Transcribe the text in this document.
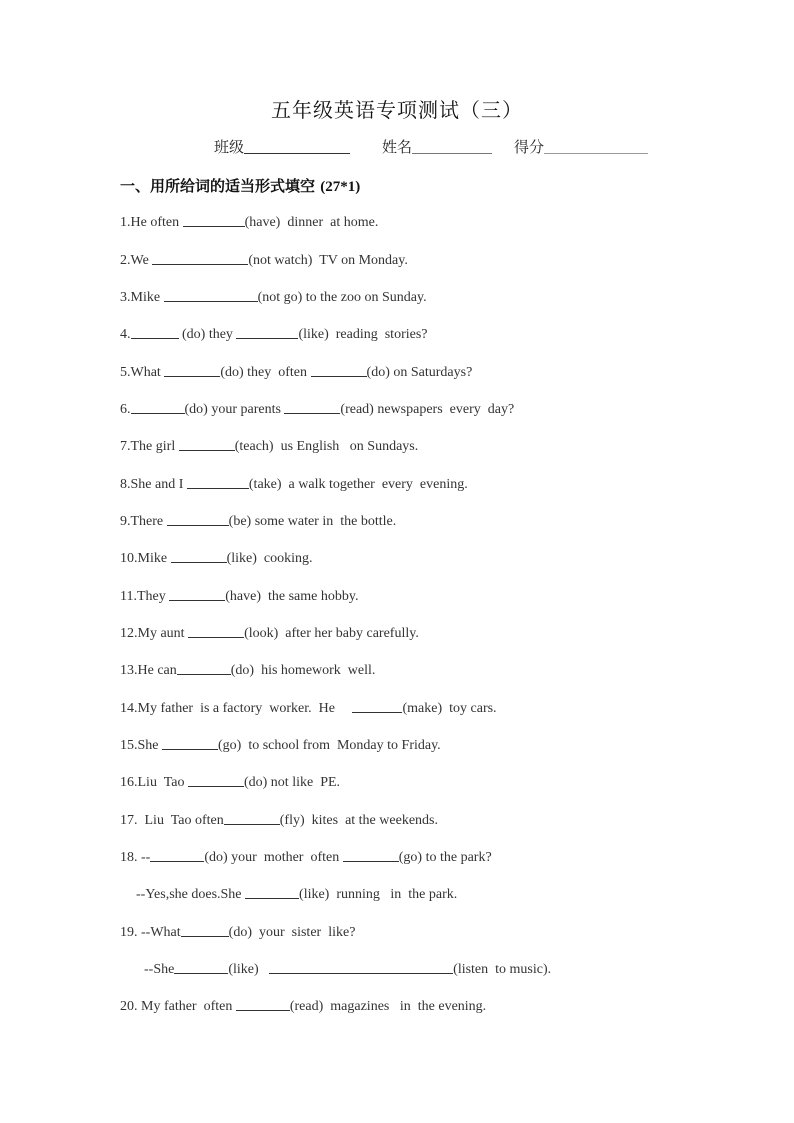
五年级英语专项测试（三）
班级	姓名	得分
一、用所给词的适当形式填空 (27*1)
1.He often	(have)  dinner  at home.
2.We	(not watch)  TV on Monday.
3.Mike	(not go) to the zoo on Sunday.
4.	(do) they	(like)  reading  stories?
5.What	(do) they  often	(do) on Saturdays?
6.	(do) your parents	(read) newspapers  every  day?
7.The girl	(teach)  us English   on Sundays.
8.She and I	(take)  a walk together  every  evening.
9.There	(be) some water in  the bottle.
10.Mike	(like)  cooking.
11.They	(have)  the same hobby.
12.My aunt	(look)  after her baby carefully.
13.He can	(do)  his homework  well.
14.My father  is a factory  worker.  He	(make)  toy cars.
15.She	(go)  to school from  Monday to Friday.
16.Liu  Tao	(do) not like  PE.
17.  Liu  Tao often	(fly)  kites  at the weekends.
18. --	(do) your  mother  often	(go) to the park?
--Yes,she does.She	(like)  running   in  the park.
19. --What	(do)  your  sister  like?
--She	(like)	(listen  to music).
20. My father  often	(read)  magazines   in  the evening.
